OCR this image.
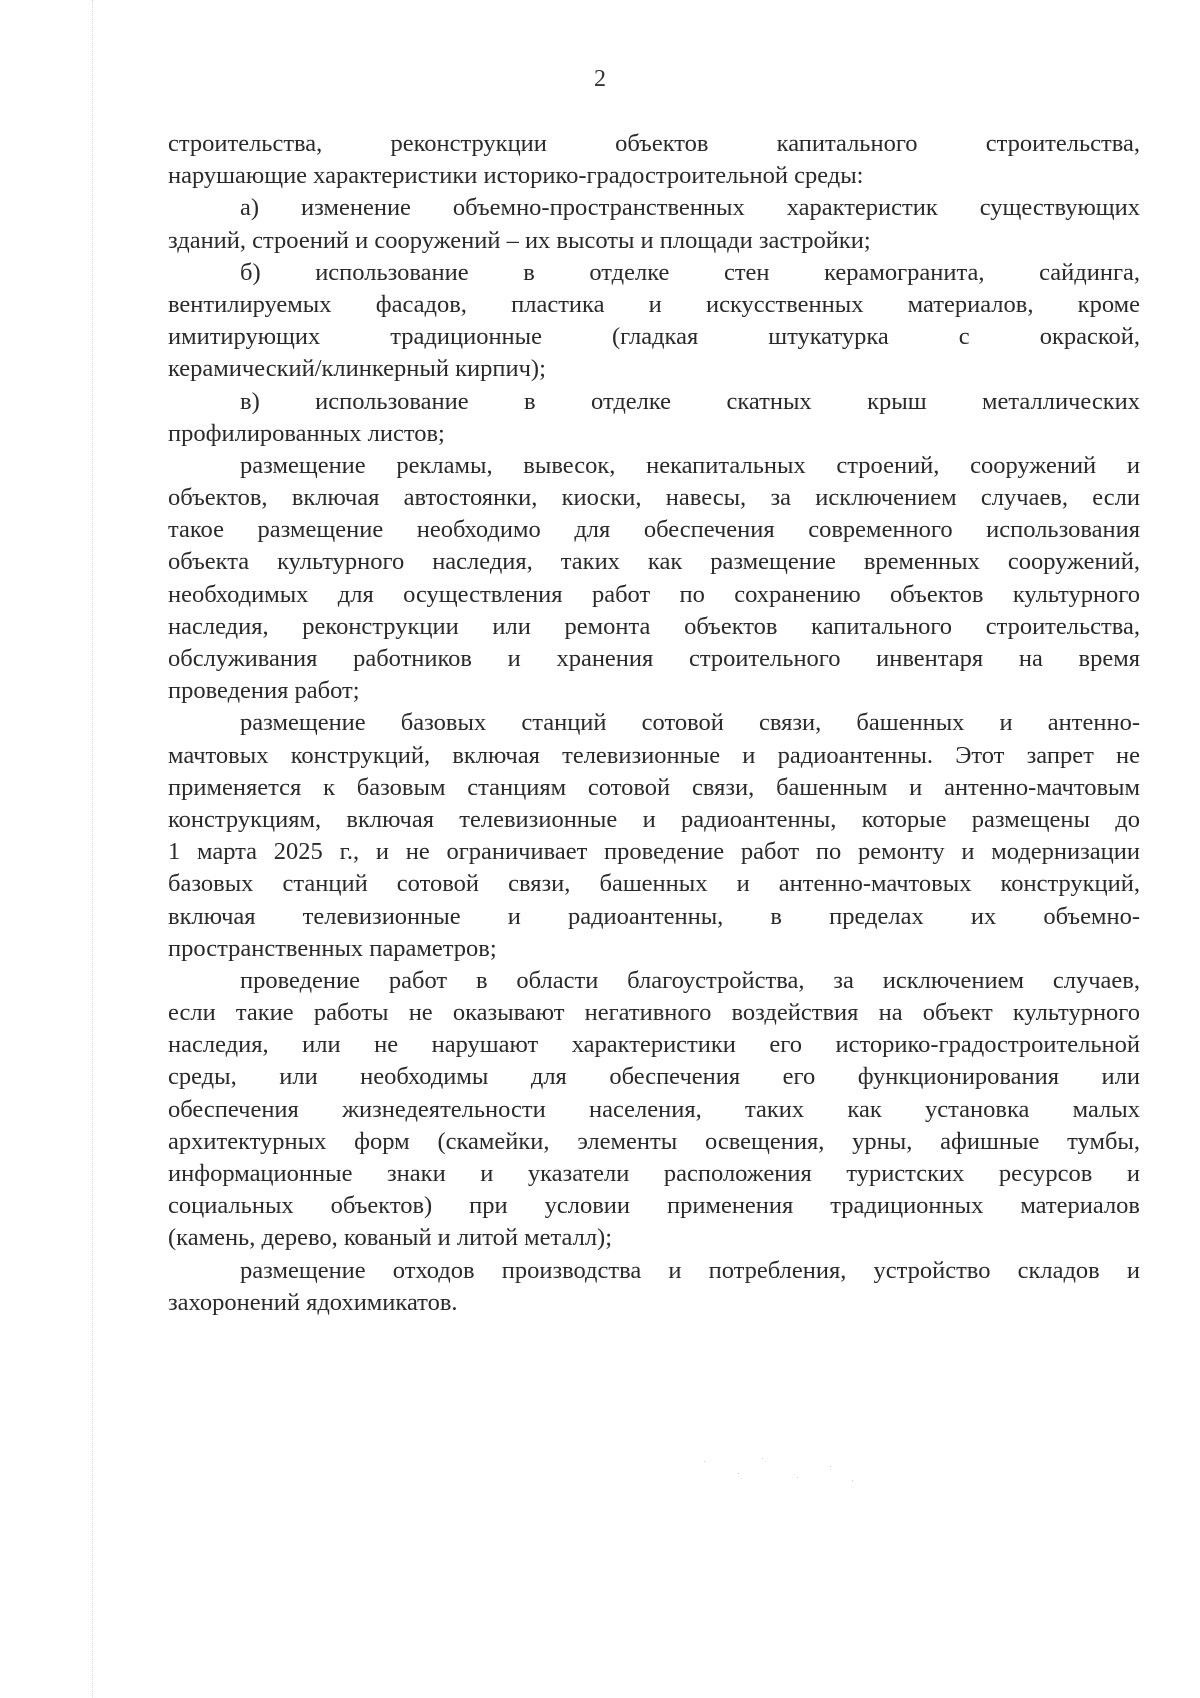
2
строительства, реконструкции объектов капитального строительства,
нарушающие характеристики историко-градостроительной среды:
а) изменение объемно-пространственных характеристик существующих
зданий, строений и сооружений – их высоты и площади застройки;
б) использование в отделке стен керамогранита, сайдинга,
вентилируемых фасадов, пластика и искусственных материалов, кроме
имитирующих традиционные (гладкая штукатурка с окраской,
керамический/клинкерный кирпич);
в) использование в отделке скатных крыш металлических
профилированных листов;
размещение рекламы, вывесок, некапитальных строений, сооружений и
объектов, включая автостоянки, киоски, навесы, за исключением случаев, если
такое размещение необходимо для обеспечения современного использования
объекта культурного наследия, таких как размещение временных сооружений,
необходимых для осуществления работ по сохранению объектов культурного
наследия, реконструкции или ремонта объектов капитального строительства,
обслуживания работников и хранения строительного инвентаря на время
проведения работ;
размещение базовых станций сотовой связи, башенных и антенно-
мачтовых конструкций, включая телевизионные и радиоантенны. Этот запрет не
применяется к базовым станциям сотовой связи, башенным и антенно-мачтовым
конструкциям, включая телевизионные и радиоантенны, которые размещены до
1 марта 2025 г., и не ограничивает проведение работ по ремонту и модернизации
базовых станций сотовой связи, башенных и антенно-мачтовых конструкций,
включая телевизионные и радиоантенны, в пределах их объемно-
пространственных параметров;
проведение работ в области благоустройства, за исключением случаев,
если такие работы не оказывают негативного воздействия на объект культурного
наследия, или не нарушают характеристики его историко-градостроительной
среды, или необходимы для обеспечения его функционирования или
обеспечения жизнедеятельности населения, таких как установка малых
архитектурных форм (скамейки, элементы освещения, урны, афишные тумбы,
информационные знаки и указатели расположения туристских ресурсов и
социальных объектов) при условии применения традиционных материалов
(камень, дерево, кованый и литой металл);
размещение отходов производства и потребления, устройство складов и
захоронений ядохимикатов.
